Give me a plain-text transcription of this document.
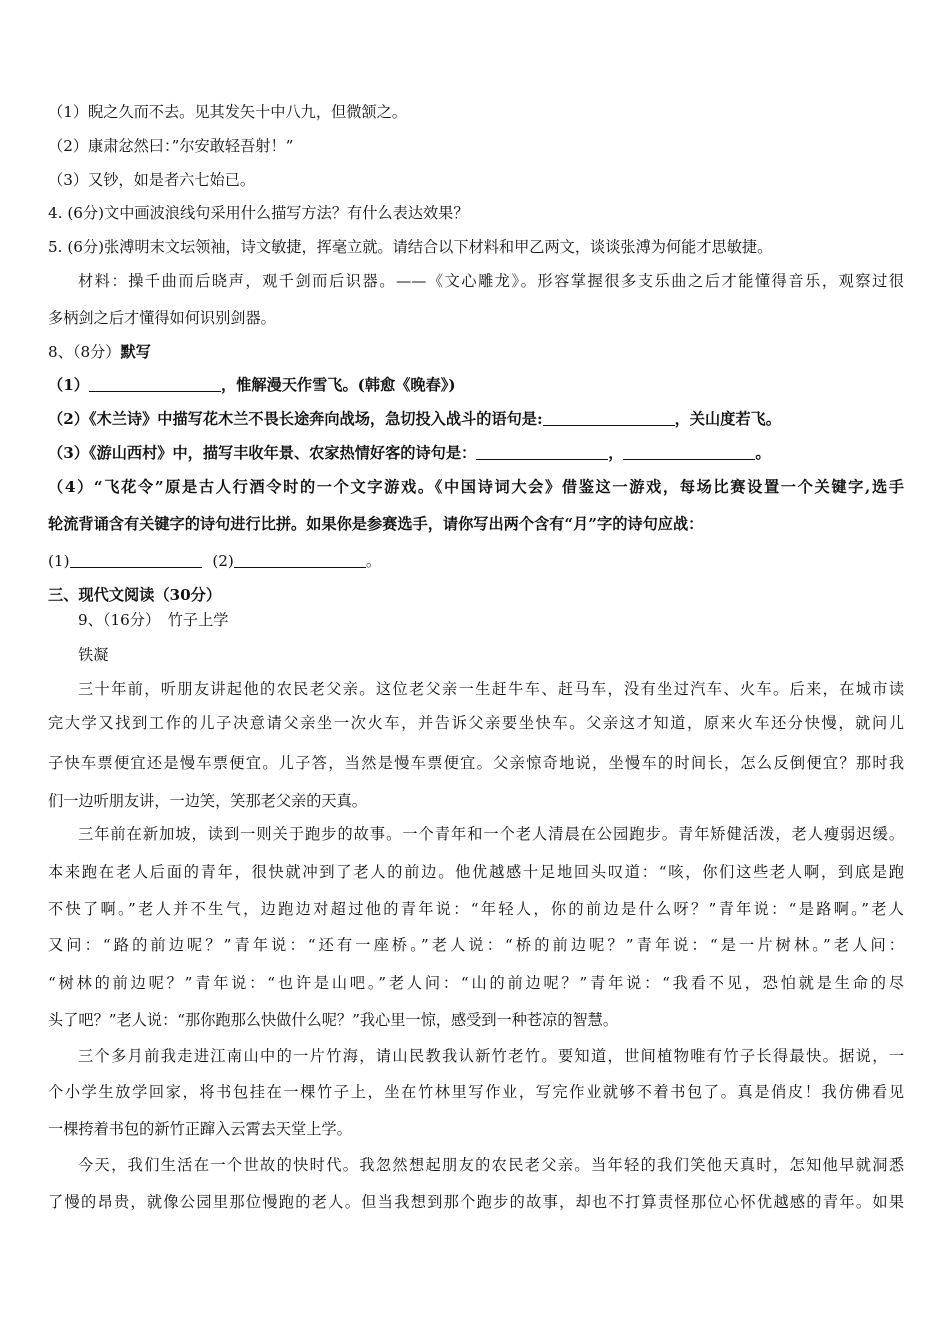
（1）睨之久而不去。见其发矢十中八九，但微颔之。
（2）康肃忿然曰：”尔安敢轻吾射！”
（3）又钞，如是者六七始已。
4. (6分)文中画波浪线句采用什么描写方法？有什么表达效果？
5. (6分)张溥明末文坛领袖，诗文敏捷，挥毫立就。请结合以下材料和甲乙两文，谈谈张溥为何能才思敏捷。
材料：操千曲而后晓声，观千剑而后识器。——《文心雕龙》。形容掌握很多支乐曲之后才能懂得音乐，观察过很
多柄剑之后才懂得如何识别剑器。
8、（8分）默写
（1）	，惟解漫天作雪飞。(韩愈《晚春》)
（2）《木兰诗》中描写花木兰不畏长途奔向战场，急切投入战斗的语句是:	，关山度若飞。
（3）《游山西村》中，描写丰收年景、农家热情好客的诗句是：	，	。
（4）“飞花令”原是古人行酒令时的一个文字游戏。《中国诗词大会》借鉴这一游戏，每场比赛设置一个关键字,选手
轮流背诵含有关键字的诗句进行比拼。如果你是参赛选手，请你写出两个含有“月”字的诗句应战：
(1)	(2)	。
三、现代文阅读（30分）
9、（16分）　竹子上学
铁凝
三十年前，听朋友讲起他的农民老父亲。这位老父亲一生赶牛车、赶马车，没有坐过汽车、火车。后来，在城市读
完大学又找到工作的儿子决意请父亲坐一次火车，并告诉父亲要坐快车。父亲这才知道，原来火车还分快慢，就问儿
子快车票便宜还是慢车票便宜。儿子答，当然是慢车票便宜。父亲惊奇地说，坐慢车的时间长，怎么反倒便宜？那时我
们一边听朋友讲，一边笑，笑那老父亲的天真。
三年前在新加坡，读到一则关于跑步的故事。一个青年和一个老人清晨在公园跑步。青年矫健活泼，老人瘦弱迟缓。
本来跑在老人后面的青年，很快就冲到了老人的前边。他优越感十足地回头叹道：“咳，你们这些老人啊，到底是跑
不快了啊。”老人并不生气，边跑边对超过他的青年说：“年轻人，你的前边是什么呀？”青年说：“是路啊。”老人
又问：“路的前边呢？”青年说：“还有一座桥。”老人说：“桥的前边呢？”青年说：“是一片树林。”老人问：
“树林的前边呢？”青年说：“也许是山吧。”老人问：“山的前边呢？”青年说：“我看不见，恐怕就是生命的尽
头了吧？”老人说：“那你跑那么快做什么呢？”我心里一惊，感受到一种苍凉的智慧。
三个多月前我走进江南山中的一片竹海，请山民教我认新竹老竹。要知道，世间植物唯有竹子长得最快。据说，一
个小学生放学回家，将书包挂在一棵竹子上，坐在竹林里写作业，写完作业就够不着书包了。真是俏皮！我仿佛看见
一棵挎着书包的新竹正蹿入云霄去天堂上学。
今天，我们生活在一个世故的快时代。我忽然想起朋友的农民老父亲。当年轻的我们笑他天真时，怎知他早就洞悉
了慢的昂贵，就像公园里那位慢跑的老人。但当我想到那个跑步的故事，却也不打算责怪那位心怀优越感的青年。如果
